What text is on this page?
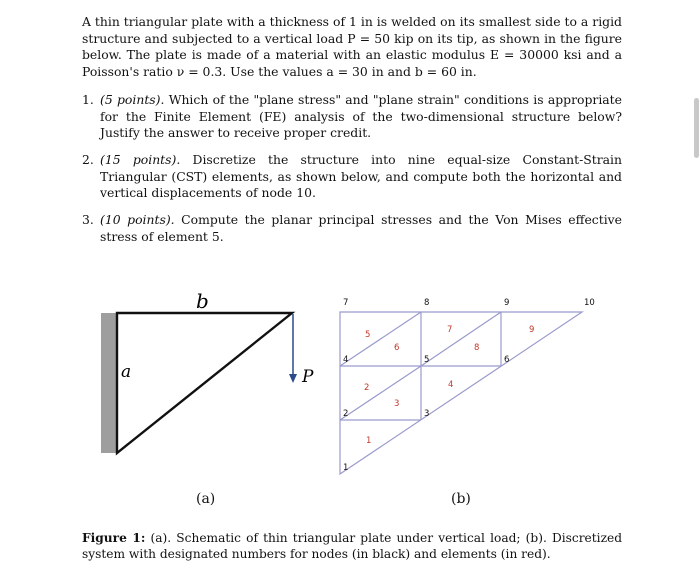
A thin triangular plate with a thickness of 1 in is welded on its smallest side to a rigid structure and subjected to a vertical load P = 50 kip on its tip, as shown in the figure below. The plate is made of a material with an elastic modulus E = 30000 ksi and a Poisson's ratio ν = 0.3. Use the values a = 30 in and b = 60 in.

1. (5 points). Which of the "plane stress" and "plane strain" conditions is appropriate for the Finite Element (FE) analysis of the two-dimensional structure below? Justify the answer to receive proper credit.
2. (15 points). Discretize the structure into nine equal-size Constant-Strain Triangular (CST) elements, as shown below, and compute both the horizontal and vertical displacements of node 10.
3. (10 points). Compute the planar principal stresses and the Von Mises effective stress of element 5.
b
a	P
1
2	3
4	5	6
7	8	9	10
1
2
3
4
5
6
7
8
9
(a)	(b)

Figure 1: (a). Schematic of thin triangular plate under vertical load; (b). Discretized system with designated numbers for nodes (in black) and elements (in red).
